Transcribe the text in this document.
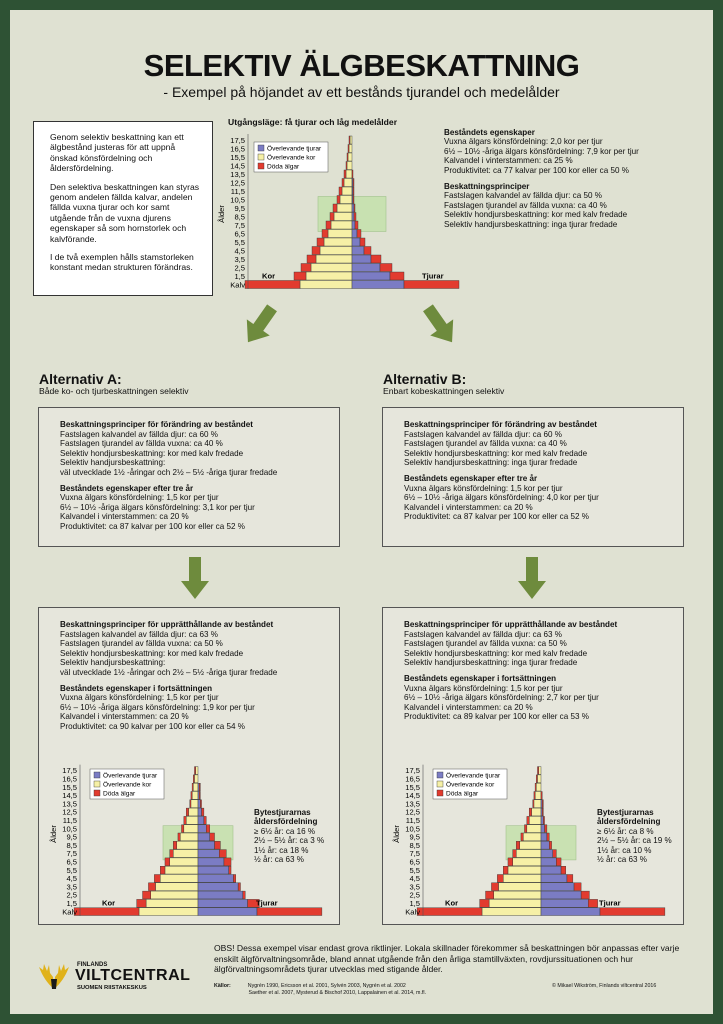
SELEKTIV ÄLGBESKATTNING
- Exempel på höjandet av ett bestånds tjurandel och medelålder

Genom selektiv beskattning kan ett älgbestånd justeras för att uppnå önskad könsfördelning och åldersfördelning.

Den selektiva beskattningen kan styras genom andelen fällda kalvar, andelen fällda vuxna tjurar och kor samt utgående från de vuxna djurens egenskaper så som hornstorlek och kalvförande.

I de två exemplen hålls stamstorleken konstant medan strukturen förändras.

Utgångsläge: få tjurar och låg medelålder
Kalv
1,5
2,5
3,5
4,5
5,5
6,5
7,5
8,5
9,5
10,5
11,5
12,5
13,5
14,5
15,5
16,5
17,5
Ålder
Kor	Tjurar
Överlevande tjurar
Överlevande kor
Döda älgar
Beståndets egenskaper
Vuxna älgars könsfördelning: 2,0 kor per tjur
6½ – 10½ -åriga älgars könsfördelning: 7,9 kor per tjur
Kalvandel i vinterstammen: ca 25 %
Produktivitet: ca 77 kalvar per 100 kor eller ca 50 %
Beskattningsprinciper
Fastslagen kalvandel av fällda djur: ca 50 %
Fastslagen tjurandel av fällda vuxna: ca 40 %
Selektiv hondjursbeskattning: kor med kalv fredade
Selektiv handjursbeskattning: inga tjurar fredade
Alternativ A:
Både ko- och tjurbeskattningen selektiv
Beskattningsprinciper för förändring av beståndet
Fastslagen kalvandel av fällda djur: ca 60 %
Fastslagen tjurandel av fällda vuxna: ca 40 %
Selektiv hondjursbeskattning: kor med kalv fredade
Selektiv handjursbeskattning:
väl utvecklade 1½ -åringar och 2½ – 5½ -åriga tjurar fredade
Beståndets egenskaper efter tre år
Vuxna älgars könsfördelning: 1,5 kor per tjur
6½ – 10½ -åriga älgars könsfördelning: 3,1 kor per tjur
Kalvandel i vinterstammen: ca 20 %
Produktivitet: ca 87 kalvar per 100 kor eller ca 52 %
Beskattningsprinciper för upprätthållande av beståndet
Fastslagen kalvandel av fällda djur: ca 63 %
Fastslagen tjurandel av fällda vuxna: ca 50 %
Selektiv hondjursbeskattning: kor med kalv fredade
Selektiv handjursbeskattning:
väl utvecklade 1½ -åringar och 2½ – 5½ -åriga tjurar fredade
Beståndets egenskaper i fortsättningen
Vuxna älgars könsfördelning: 1,5 kor per tjur
6½ – 10½ -åriga älgars könsfördelning: 1,9 kor per tjur
Kalvandel i vinterstammen: ca 20 %
Produktivitet: ca 90 kalvar per 100 kor eller ca 54 %
Kalv
1,5
2,5
3,5
4,5
5,5
6,5
7,5
8,5
9,5
10,5
11,5
12,5
13,5
14,5
15,5
16,5
17,5
Ålder
Kor	Tjurar
Överlevande tjurar
Överlevande kor
Döda älgar
Bytestjurarnas åldersfördelning
≥ 6½ år: ca 16 %
2½ – 5½ år: ca 3 %
1½ år: ca 18 %
½ år: ca 63 %
Alternativ B:
Enbart kobeskattningen selektiv
Beskattningsprinciper för förändring av beståndet
Fastslagen kalvandel av fällda djur: ca 60 %
Fastslagen tjurandel av fällda vuxna: ca 40 %
Selektiv hondjursbeskattning: kor med kalv fredade
Selektiv handjursbeskattning: inga tjurar fredade
Beståndets egenskaper efter tre år
Vuxna älgars könsfördelning: 1,5 kor per tjur
6½ – 10½ -åriga älgars könsfördelning: 4,0 kor per tjur
Kalvandel i vinterstammen: ca 20 %
Produktivitet: ca 87 kalvar per 100 kor eller ca 52 %
Beskattningsprinciper för upprätthållande av beståndet
Fastslagen kalvandel av fällda djur: ca 63 %
Fastslagen tjurandel av fällda vuxna: ca 50 %
Selektiv hondjursbeskattning: kor med kalv fredade
Selektiv handjursbeskattning: inga tjurar fredade
Beståndets egenskaper i fortsättningen
Vuxna älgars könsfördelning: 1,5 kor per tjur
6½ – 10½ -åriga älgars könsfördelning: 2,7 kor per tjur
Kalvandel i vinterstammen: ca 20 %
Produktivitet: ca 89 kalvar per 100 kor eller ca 53 %
Kalv
1,5
2,5
3,5
4,5
5,5
6,5
7,5
8,5
9,5
10,5
11,5
12,5
13,5
14,5
15,5
16,5
17,5
Ålder
Kor	Tjurar
Överlevande tjurar
Överlevande kor
Döda älgar
Bytestjurarnas åldersfördelning
≥ 6½ år: ca 8 %
2½ – 5½ år: ca 19 %
1½ år: ca 10 %
½ år: ca 63 %
FINLANDS
VILTCENTRAL
SUOMEN RIISTAKESKUS
OBS! Dessa exempel visar endast grova riktlinjer. Lokala skillnader förekommer så beskattningen bör anpassas efter varje enskilt älgförvaltningsområde, bland annat utgående från den årliga stamtillväxten, rovdjurssituationen och hur älgförvaltningsområdets tjurar utvecklas med stigande ålder.
Källor:	Nygrén 1990, Ericsson et al. 2001, Sylvén 2003, Nygrén et al. 2002
Saether et al. 2007, Mysterud & Bischof 2010, Lappalainen et al. 2014, m.fl.
© Mikael Wikström, Finlands viltcentral 2016
